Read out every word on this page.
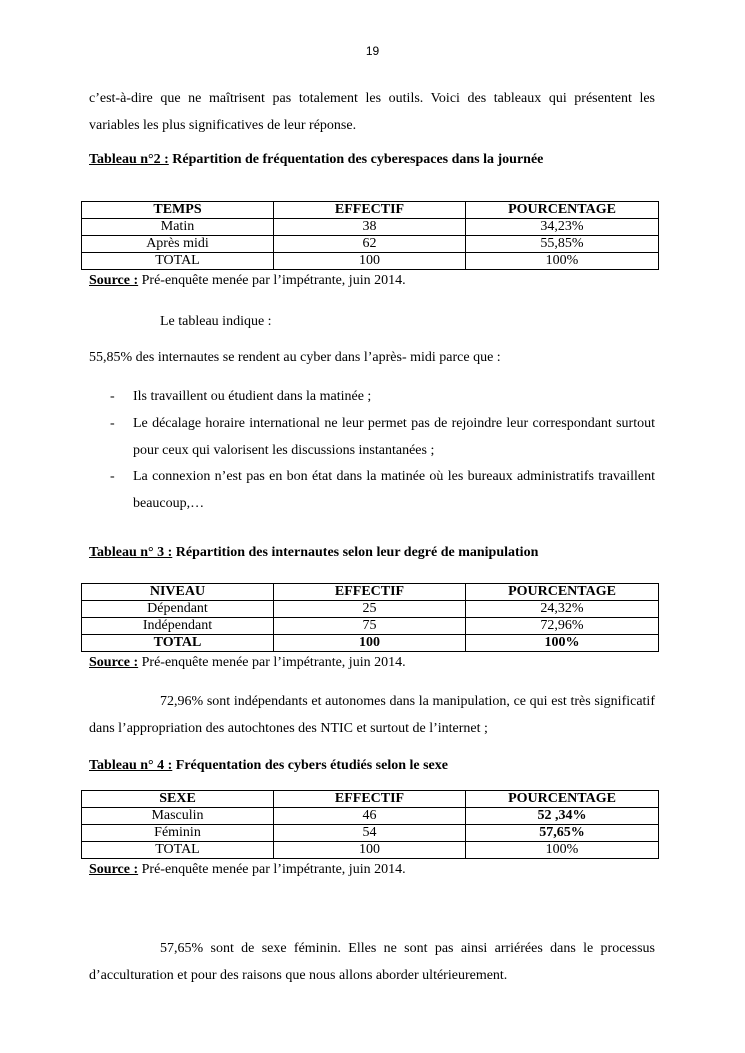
19
c’est-à-dire que ne maîtrisent pas totalement les outils. Voici des tableaux qui présentent les variables les plus significatives de leur réponse.
Tableau n°2 : Répartition de fréquentation des cyberespaces dans la journée
TEMPS	EFFECTIF	POURCENTAGE
Matin	38	34,23%
Après midi	62	55,85%
TOTAL	100	100%
Source : Pré-enquête menée par l’impétrante, juin 2014.
Le tableau indique :
55,85% des internautes se rendent au cyber dans l’après- midi parce que :
- Ils travaillent ou étudient dans la matinée ;
- Le décalage horaire international ne leur permet pas de rejoindre leur correspondant surtout pour ceux qui valorisent les discussions instantanées ;
- La connexion n’est pas en bon état dans la matinée où les bureaux administratifs travaillent beaucoup,…
Tableau n° 3 : Répartition des internautes selon leur degré de manipulation
NIVEAU	EFFECTIF	POURCENTAGE
Dépendant	25	24,32%
Indépendant	75	72,96%
TOTAL	100	100%
Source : Pré-enquête menée par l’impétrante, juin 2014.
72,96% sont indépendants et autonomes dans la manipulation, ce qui est très significatif dans l’appropriation des autochtones des NTIC et surtout de l’internet ;
Tableau n° 4 : Fréquentation des cybers étudiés selon le sexe
SEXE	EFFECTIF	POURCENTAGE
Masculin	46	52 ,34%
Féminin	54	57,65%
TOTAL	100	100%
Source : Pré-enquête menée par l’impétrante, juin 2014.
57,65% sont de sexe féminin. Elles ne sont pas ainsi arriérées dans le processus d’acculturation et pour des raisons que nous allons aborder ultérieurement.
